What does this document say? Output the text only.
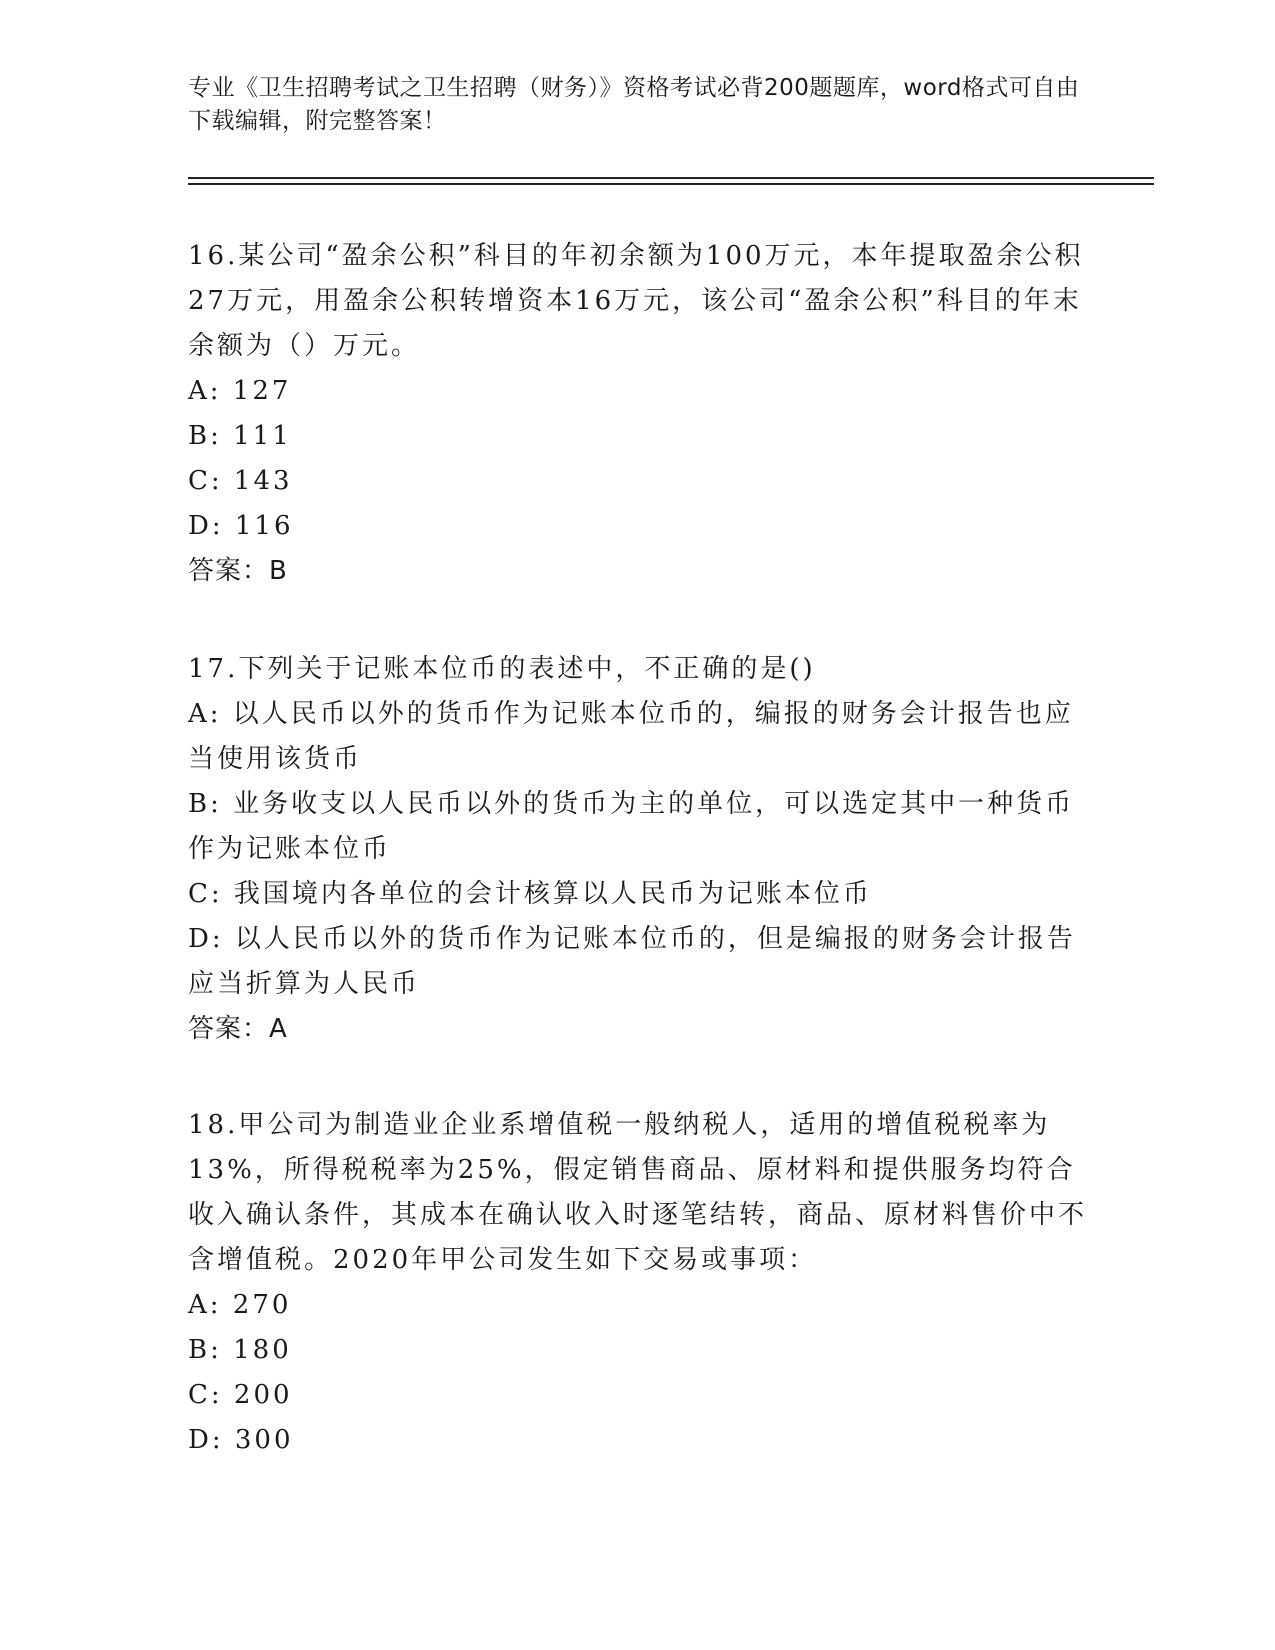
专业《卫生招聘考试之卫生招聘（财务）》资格考试必背200题题库，word格式可自由下载编辑，附完整答案！
16.某公司“盈余公积”科目的年初余额为100万元，本年提取盈余公积27万元，用盈余公积转增资本16万元，该公司“盈余公积”科目的年末余额为（）万元。
A: 127
B: 111
C: 143
D: 116
答案：B
17.下列关于记账本位币的表述中，不正确的是()
A: 以人民币以外的货币作为记账本位币的，编报的财务会计报告也应当使用该货币
B: 业务收支以人民币以外的货币为主的单位，可以选定其中一种货币作为记账本位币
C: 我国境内各单位的会计核算以人民币为记账本位币
D: 以人民币以外的货币作为记账本位币的，但是编报的财务会计报告应当折算为人民币
答案：A
18.甲公司为制造业企业系增值税一般纳税人，适用的增值税税率为13%，所得税税率为25%，假定销售商品、原材料和提供服务均符合收入确认条件，其成本在确认收入时逐笔结转，商品、原材料售价中不含增值税。2020年甲公司发生如下交易或事项：
A: 270
B: 180
C: 200
D: 300
